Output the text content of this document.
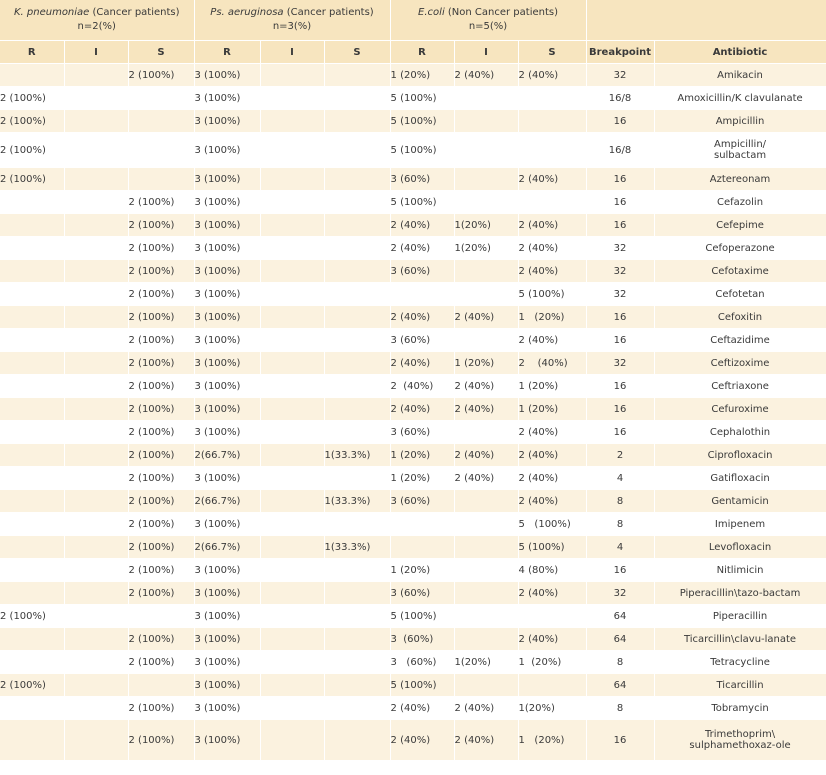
K. pneumoniae (Cancer patients)
n=2(%)			Ps. aeruginosa (Cancer patients)
n=3(%)			E.coli (Non Cancer patients)
n=5(%)				
R	I	S	R	I	S	R	I	S	Breakpoint	Antibiotic
		2 (100%)	3 (100%)			1 (20%)	2 (40%)	2 (40%)	32	Amikacin
2 (100%)			3 (100%)			5 (100%)			16/8	Amoxicillin/K clavulanate
2 (100%)			3 (100%)			5 (100%)			16	Ampicillin
2 (100%)			3 (100%)			5 (100%)			16/8	Ampicillin/
sulbactam
2 (100%)			3 (100%)			3 (60%)		2 (40%)	16	Aztereonam
		2 (100%)	3 (100%)			5 (100%)			16	Cefazolin
		2 (100%)	3 (100%)			2 (40%)	1(20%)	2 (40%)	16	Cefepime
		2 (100%)	3 (100%)			2 (40%)	1(20%)	2 (40%)	32	Cefoperazone
		2 (100%)	3 (100%)			3 (60%)		2 (40%)	32	Cefotaxime
		2 (100%)	3 (100%)					5 (100%)	32	Cefotetan
		2 (100%)	3 (100%)			2 (40%)	2 (40%)	1   (20%)	16	Cefoxitin
		2 (100%)	3 (100%)			3 (60%)		2 (40%)	16	Ceftazidime
		2 (100%)	3 (100%)			2 (40%)	1 (20%)	2    (40%)	32	Ceftizoxime
		2 (100%)	3 (100%)			2  (40%)	2 (40%)	1 (20%)	16	Ceftriaxone
		2 (100%)	3 (100%)			2 (40%)	2 (40%)	1 (20%)	16	Cefuroxime
		2 (100%)	3 (100%)			3 (60%)		2 (40%)	16	Cephalothin
		2 (100%)	2(66.7%)		1(33.3%)	1 (20%)	2 (40%)	2 (40%)	2	Ciprofloxacin
		2 (100%)	3 (100%)			1 (20%)	2 (40%)	2 (40%)	4	Gatifloxacin
		2 (100%)	2(66.7%)		1(33.3%)	3 (60%)		2 (40%)	8	Gentamicin
		2 (100%)	3 (100%)					5   (100%)	8	Imipenem
		2 (100%)	2(66.7%)		1(33.3%)			5 (100%)	4	Levofloxacin
		2 (100%)	3 (100%)			1 (20%)		4 (80%)	16	Nitlimicin
		2 (100%)	3 (100%)			3 (60%)		2 (40%)	32	Piperacillin\tazo-bactam
2 (100%)			3 (100%)			5 (100%)			64	Piperacillin
		2 (100%)	3 (100%)			3  (60%)		2 (40%)	64	Ticarcillin\clavu-lanate
		2 (100%)	3 (100%)			3   (60%)	1(20%)	1  (20%)	8	Tetracycline
2 (100%)			3 (100%)			5 (100%)			64	Ticarcillin
		2 (100%)	3 (100%)			2 (40%)	2 (40%)	1(20%)	8	Tobramycin
		2 (100%)	3 (100%)			2 (40%)	2 (40%)	1   (20%)	16	Trimethoprim\
sulphamethoxaz-ole
